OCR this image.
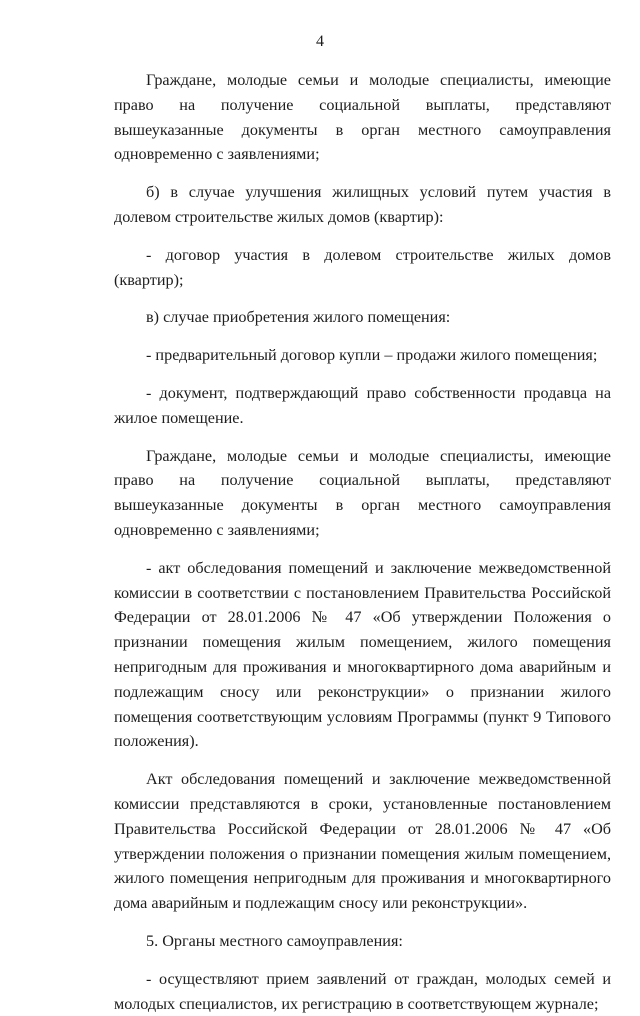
4

Граждане, молодые семьи и молодые специалисты, имеющие право на получение социальной выплаты, представляют вышеуказанные документы в орган местного самоуправления одновременно с заявлениями;

б) в случае улучшения жилищных условий путем участия в долевом строительстве жилых домов (квартир):

- договор участия в долевом строительстве жилых домов (квартир);

в) случае приобретения жилого помещения:

- предварительный договор купли – продажи жилого помещения;

- документ, подтверждающий право собственности продавца на жилое помещение.

Граждане, молодые семьи и молодые специалисты, имеющие право на получение социальной выплаты, представляют вышеуказанные документы в орган местного самоуправления одновременно с заявлениями;

- акт обследования помещений и заключение межведомственной комиссии в соответствии с постановлением Правительства Российской Федерации от 28.01.2006 № 47 «Об утверждении Положения о признании помещения жилым помещением, жилого помещения непригодным для проживания и многоквартирного дома аварийным и подлежащим сносу или реконструкции» о признании жилого помещения соответствующим условиям Программы (пункт 9 Типового положения).

Акт обследования помещений и заключение межведомственной комиссии представляются в сроки, установленные постановлением Правительства Российской Федерации от 28.01.2006 № 47 «Об утверждении положения о признании помещения жилым помещением, жилого помещения непригодным для проживания и многоквартирного дома аварийным и подлежащим сносу или реконструкции».

5. Органы местного самоуправления:

- осуществляют прием заявлений от граждан, молодых семей и молодых специалистов, их регистрацию в соответствующем журнале;
